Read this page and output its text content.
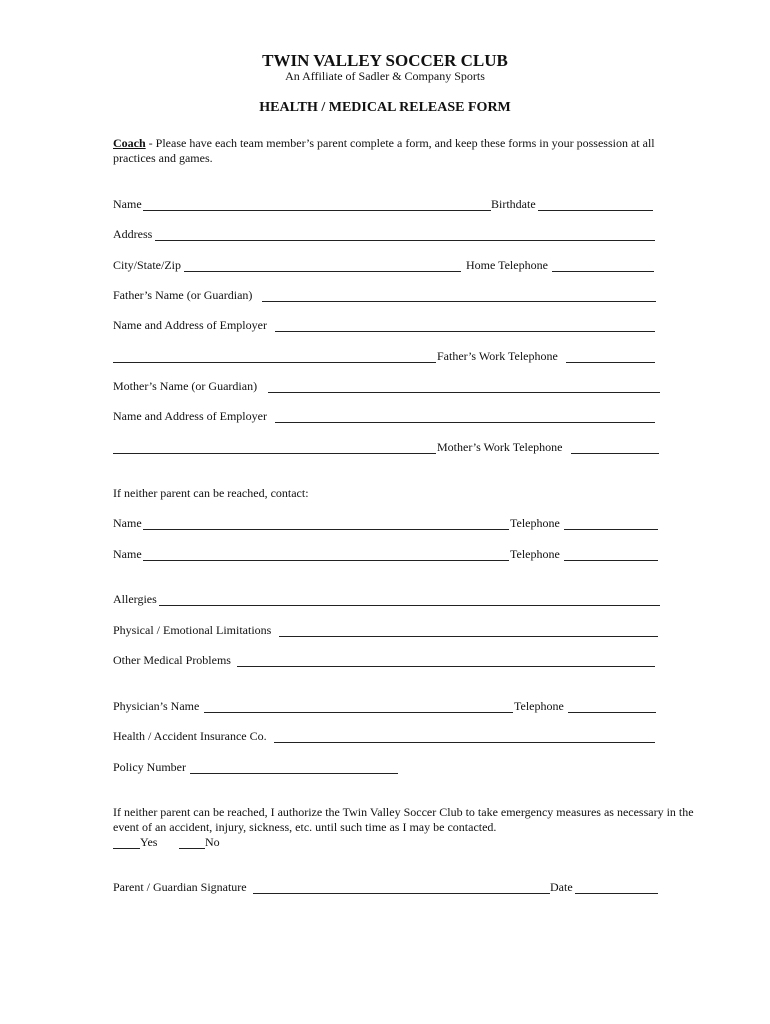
TWIN VALLEY SOCCER CLUB
An Affiliate of Sadler & Company Sports
HEALTH / MEDICAL RELEASE FORM
Coach - Please have each team member’s parent complete a form, and keep these forms in your possession at all practices and games.
Name	Birthdate
Address
City/State/Zip	Home Telephone
Father’s Name (or Guardian)
Name and Address of Employer
Father’s Work Telephone
Mother’s Name (or Guardian)
Name and Address of Employer
Mother’s Work Telephone
If neither parent can be reached, contact:
Name	Telephone
Name	Telephone
Allergies
Physical / Emotional Limitations
Other Medical Problems
Physician’s Name	Telephone
Health / Accident Insurance Co.
Policy Number
If neither parent can be reached, I authorize the Twin Valley Soccer Club to take emergency measures as necessary in the event of an accident, injury, sickness, etc. until such time as I may be contacted.
Yes	No
Parent / Guardian Signature	Date
